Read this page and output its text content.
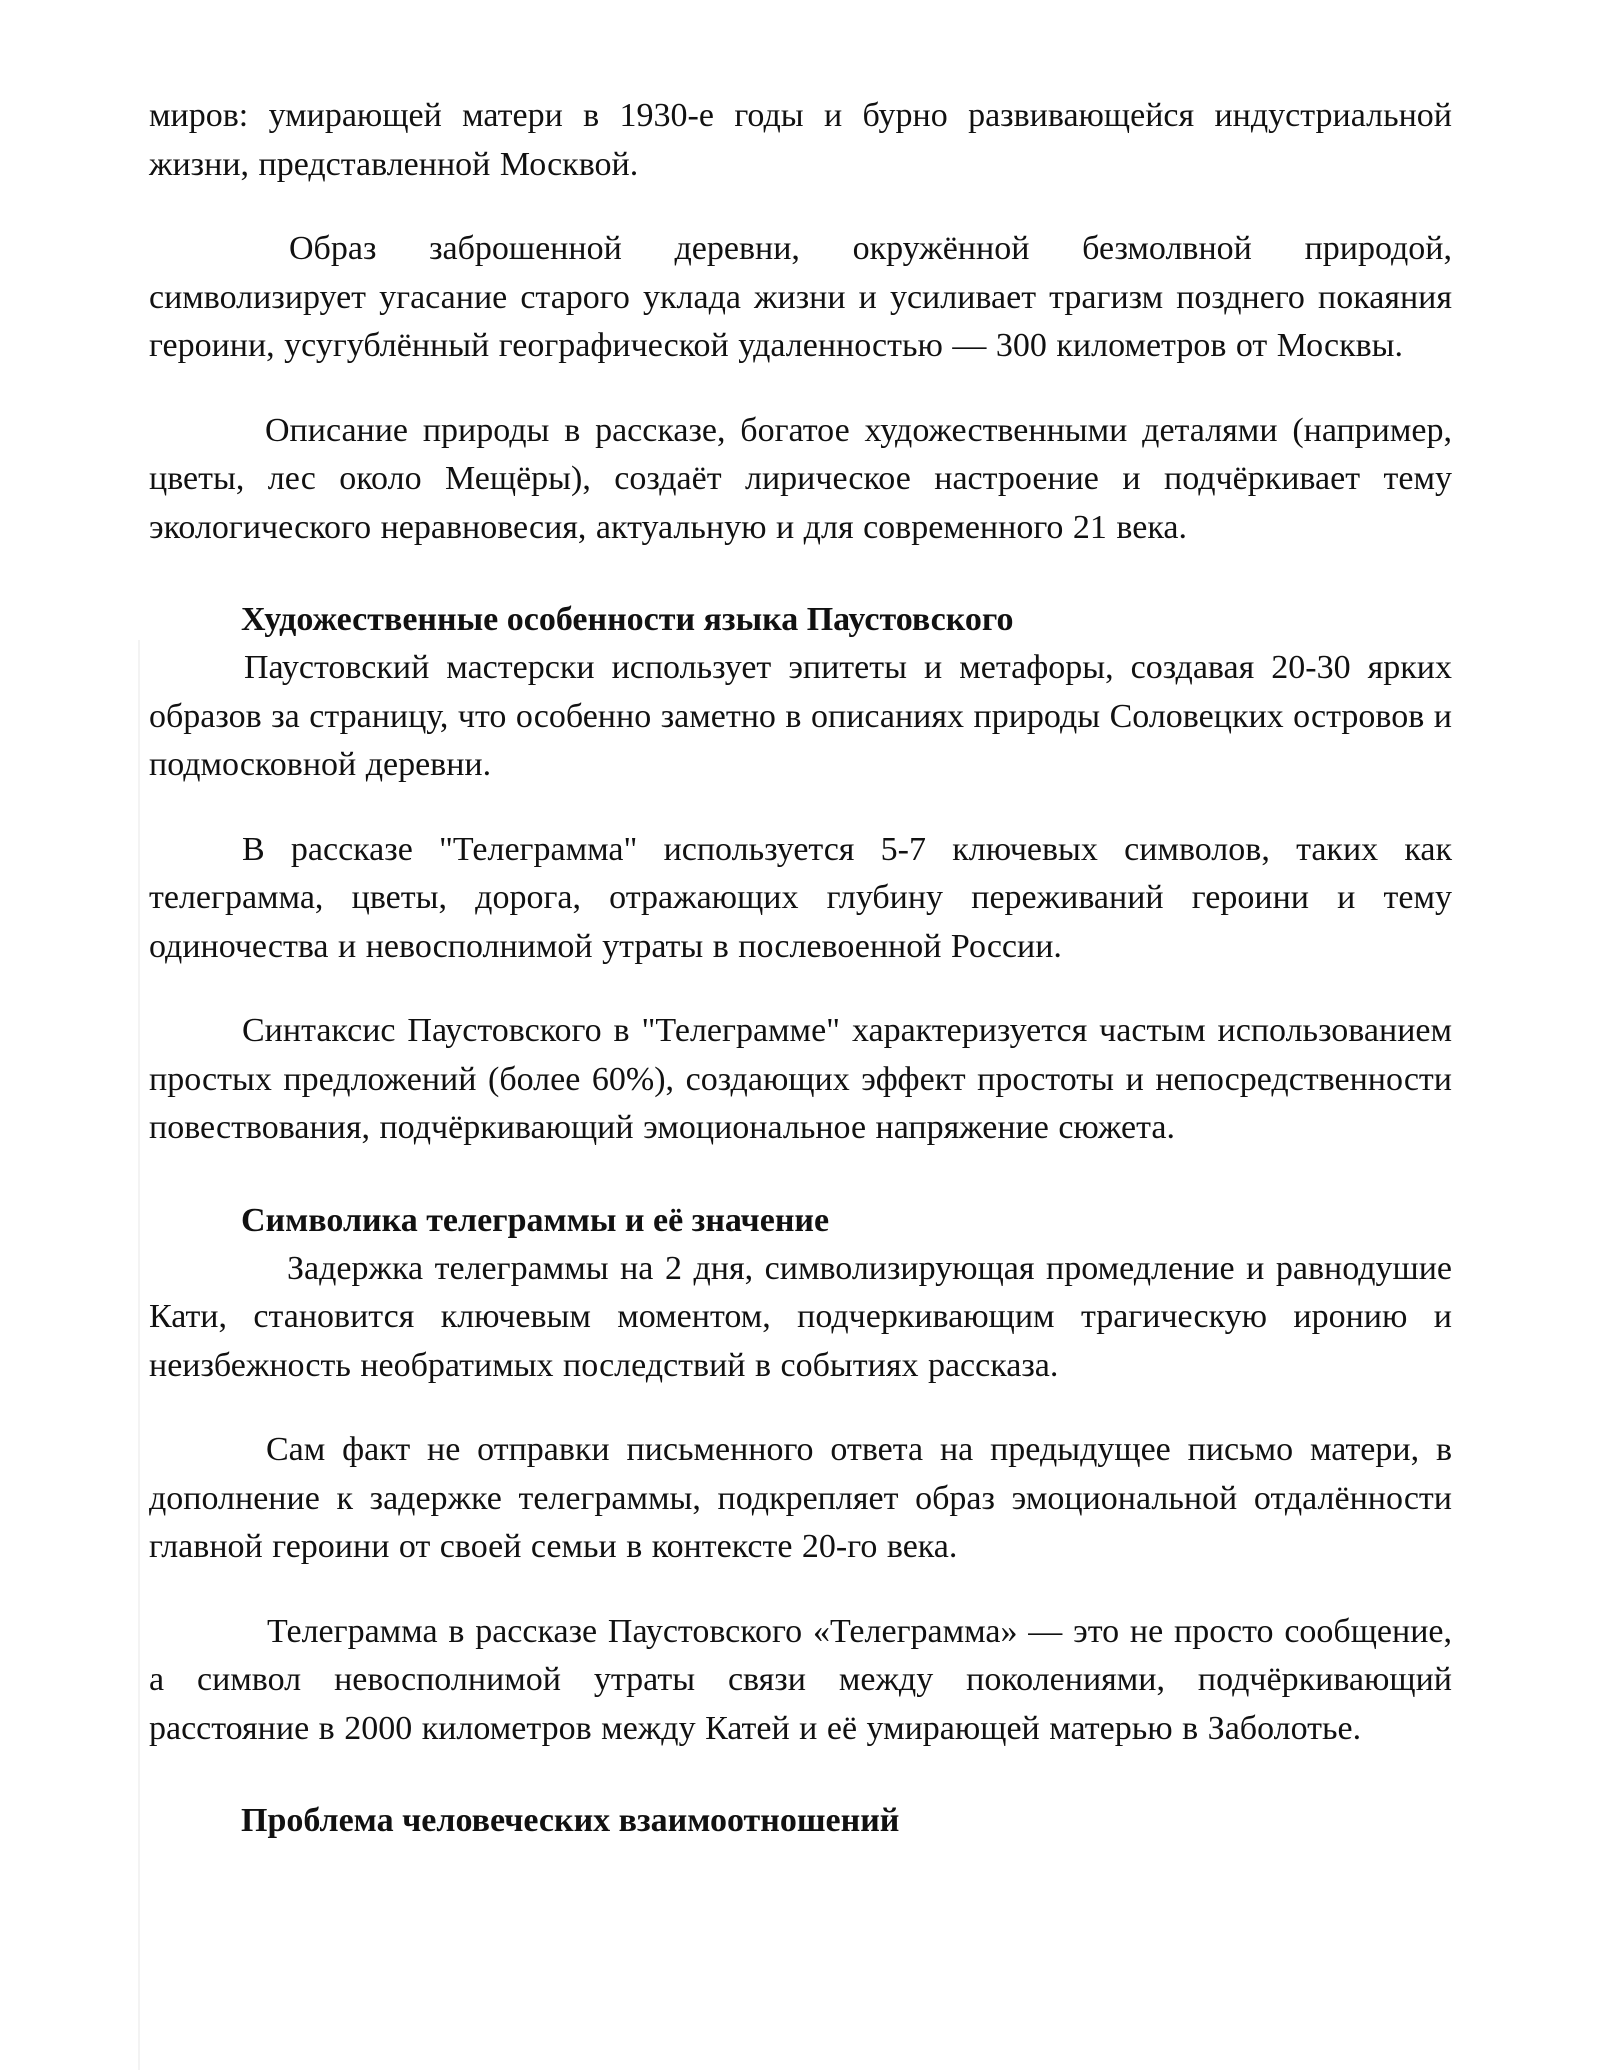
миров: умирающей матери в 1930-е годы и бурно развивающейся индустриальной жизни, представленной Москвой.

Образ заброшенной деревни, окружённой безмолвной природой, символизирует угасание старого уклада жизни и усиливает трагизм позднего покаяния героини, усугублённый географической удаленностью — 300 километров от Москвы.

Описание природы в рассказе, богатое художественными деталями (например, цветы, лес около Мещёры), создаёт лирическое настроение и подчёркивает тему экологического неравновесия, актуальную и для современного 21 века.

Художественные особенности языка Паустовского

Паустовский мастерски использует эпитеты и метафоры, создавая 20-30 ярких образов за страницу, что особенно заметно в описаниях природы Соловецких островов и подмосковной деревни.

В рассказе "Телеграмма" используется 5-7 ключевых символов, таких как телеграмма, цветы, дорога, отражающих глубину переживаний героини и тему одиночества и невосполнимой утраты в послевоенной России.

Синтаксис Паустовского в "Телеграмме" характеризуется частым использованием простых предложений (более 60%), создающих эффект простоты и непосредственности повествования, подчёркивающий эмоциональное напряжение сюжета.

Символика телеграммы и её значение

Задержка телеграммы на 2 дня, символизирующая промедление и равнодушие Кати, становится ключевым моментом, подчеркивающим трагическую иронию и неизбежность необратимых последствий в событиях рассказа.

Сам факт не отправки письменного ответа на предыдущее письмо матери, в дополнение к задержке телеграммы, подкрепляет образ эмоциональной отдалённости главной героини от своей семьи в контексте 20-го века.

Телеграмма в рассказе Паустовского «Телеграмма» — это не просто сообщение, а символ невосполнимой утраты связи между поколениями, подчёркивающий расстояние в 2000 километров между Катей и её умирающей матерью в Заболотье.

Проблема человеческих взаимоотношений
